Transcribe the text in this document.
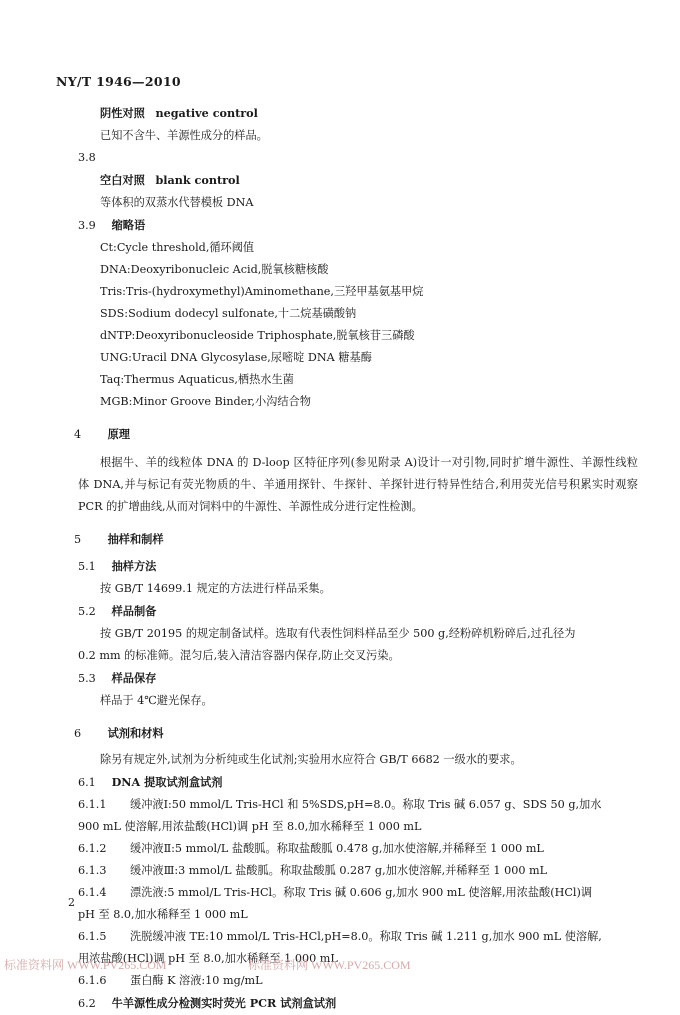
NY/T 1946—2010
阴性对照 negative control
已知不含牛、羊源性成分的样品。
3.8
空白对照 blank control
等体积的双蒸水代替模板 DNA
3.9 缩略语
Ct:Cycle threshold,循环阈值
DNA:Deoxyribonucleic Acid,脱氧核糖核酸
Tris:Tris-(hydroxymethyl)Aminomethane,三羟甲基氨基甲烷
SDS:Sodium dodecyl sulfonate,十二烷基磺酸钠
dNTP:Deoxyribonucleoside Triphosphate,脱氧核苷三磷酸
UNG:Uracil DNA Glycosylase,尿嘧啶 DNA 糖基酶
Taq:Thermus Aquaticus,栖热水生菌
MGB:Minor Groove Binder,小沟结合物
4 原理
根据牛、羊的线粒体 DNA 的 D-loop 区特征序列(参见附录 A)设计一对引物,同时扩增牛源性、羊源性线粒体 DNA,并与标记有荧光物质的牛、羊通用探针、牛探针、羊探针进行特异性结合,利用荧光信号积累实时观察 PCR 的扩增曲线,从而对饲料中的牛源性、羊源性成分进行定性检测。
5 抽样和制样
5.1 抽样方法
按 GB/T 14699.1 规定的方法进行样品采集。
5.2 样品制备
按 GB/T 20195 的规定制备试样。选取有代表性饲料样品至少 500 g,经粉碎机粉碎后,过孔径为
0.2 mm 的标准筛。混匀后,装入清洁容器内保存,防止交叉污染。
5.3 样品保存
样品于 4℃避光保存。
6 试剂和材料
除另有规定外,试剂为分析纯或生化试剂;实验用水应符合 GB/T 6682 一级水的要求。
6.1 DNA 提取试剂盒试剂
6.1.1 缓冲液Ⅰ:50 mmol/L Tris-HCl 和 5%SDS,pH=8.0。称取 Tris 碱 6.057 g、SDS 50 g,加水
900 mL 使溶解,用浓盐酸(HCl)调 pH 至 8.0,加水稀释至 1 000 mL
6.1.2 缓冲液Ⅱ:5 mmol/L 盐酸胍。称取盐酸胍 0.478 g,加水使溶解,并稀释至 1 000 mL
6.1.3 缓冲液Ⅲ:3 mmol/L 盐酸胍。称取盐酸胍 0.287 g,加水使溶解,并稀释至 1 000 mL
6.1.4 漂洗液:5 mmol/L Tris-HCl。称取 Tris 碱 0.606 g,加水 900 mL 使溶解,用浓盐酸(HCl)调
pH 至 8.0,加水稀释至 1 000 mL
6.1.5 洗脱缓冲液 TE:10 mmol/L Tris-HCl,pH=8.0。称取 Tris 碱 1.211 g,加水 900 mL 使溶解,
用浓盐酸(HCl)调 pH 至 8.0,加水稀释至 1 000 mL
6.1.6 蛋白酶 K 溶液:10 mg/mL
6.2 牛羊源性成分检测实时荧光 PCR 试剂盒试剂
2
标准资料网 WWW.PV265.COM	标准资料网 WWW.PV265.COM
